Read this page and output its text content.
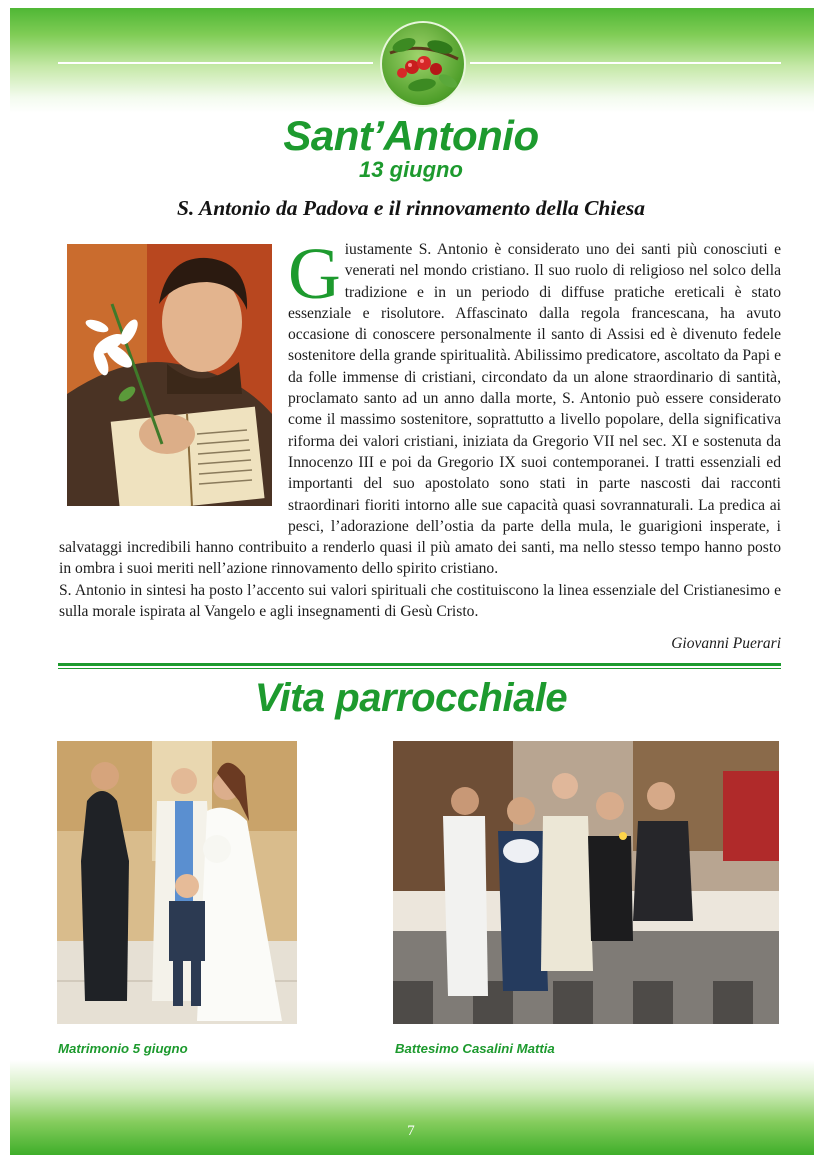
Sant’Antonio
13 giugno
S. Antonio da Padova e il rinnovamento della Chiesa
G iustamente S. Antonio è considerato uno dei santi più conosciuti e venerati nel mondo cristiano. Il suo ruolo di religioso nel solco della tradizione e in un periodo di diffuse pratiche ereticali è stato essenziale e risolutore. Affascinato dalla regola francescana, ha avuto occasione di conoscere personalmente il santo di Assisi ed è divenuto fedele sostenitore della grande spiritualità. Abilissimo predicatore, ascoltato da Papi e da folle immense di cristiani, circondato da un alone straordinario di santità, proclamato santo ad un anno dalla morte, S. Antonio può essere considerato come il massimo sostenitore, soprattutto a livello popolare, della significativa riforma dei valori cristiani, iniziata da Gregorio VII nel sec. XI e sostenuta da Innocenzo III e poi da Gregorio IX suoi contemporanei. I tratti essenziali ed importanti del suo apostolato sono stati in parte nascosti dai racconti straordinari fioriti intorno alle sue capacità quasi sovrannaturali. La predica ai pesci, l’adorazione dell’ostia da parte della mula, le guarigioni insperate, i salvataggi incredibili hanno contribuito a renderlo quasi il più amato dei santi, ma nello stesso tempo hanno posto in ombra i suoi meriti nell’azione rinnovamento dello spirito cristiano.
S. Antonio in sintesi ha posto l’accento sui valori spirituali che costituiscono la linea essenziale del Cristianesimo e sulla morale ispirata al Vangelo e agli insegnamenti di Gesù Cristo.

Giovanni Puerari

Vita parrocchiale

Matrimonio 5 giugno	Battesimo Casalini Mattia

7
